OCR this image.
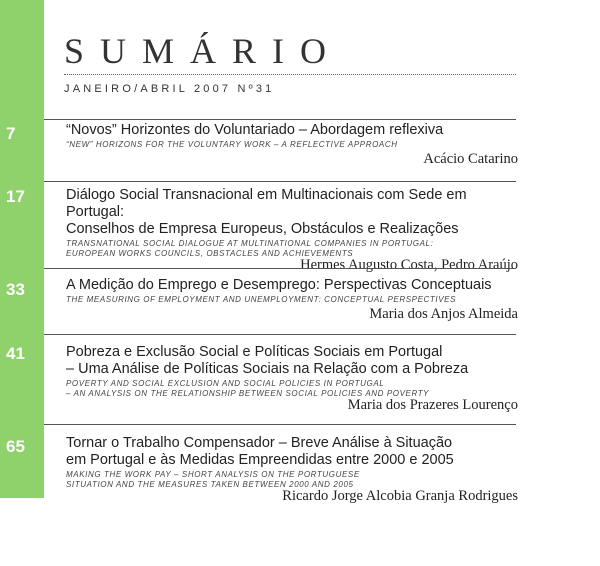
SUMÁRIO
JANEIRO/ABRIL 2007 Nº31
7	“Novos” Horizontes do Voluntariado – Abordagem reflexiva
“NEW” HORIZONS FOR THE VOLUNTARY WORK – A REFLECTIVE APPROACH
Acácio Catarino
17	Diálogo Social Transnacional em Multinacionais com Sede em Portugal:
Conselhos de Empresa Europeus, Obstáculos e Realizações
TRANSNATIONAL SOCIAL DIALOGUE AT MULTINATIONAL COMPANIES IN PORTUGAL:
EUROPEAN WORKS COUNCILS, OBSTACLES AND ACHIEVEMENTS
Hermes Augusto Costa, Pedro Araújo
33	A Medição do Emprego e Desemprego: Perspectivas Conceptuais
THE MEASURING OF EMPLOYMENT AND UNEMPLOYMENT: CONCEPTUAL PERSPECTIVES
Maria dos Anjos Almeida
41	Pobreza e Exclusão Social e Políticas Sociais em Portugal
– Uma Análise de Políticas Sociais na Relação com a Pobreza
POVERTY AND SOCIAL EXCLUSION AND SOCIAL POLICIES IN PORTUGAL
– AN ANALYSIS ON THE RELATIONSHIP BETWEEN SOCIAL POLICIES AND POVERTY
Maria dos Prazeres Lourenço
65	Tornar o Trabalho Compensador – Breve Análise à Situação
em Portugal e às Medidas Empreendidas entre 2000 e 2005
MAKING THE WORK PAY – SHORT ANALYSIS ON THE PORTUGUESE
SITUATION AND THE MEASURES TAKEN BETWEEN 2000 AND 2005
Ricardo Jorge Alcobia Granja Rodrigues
